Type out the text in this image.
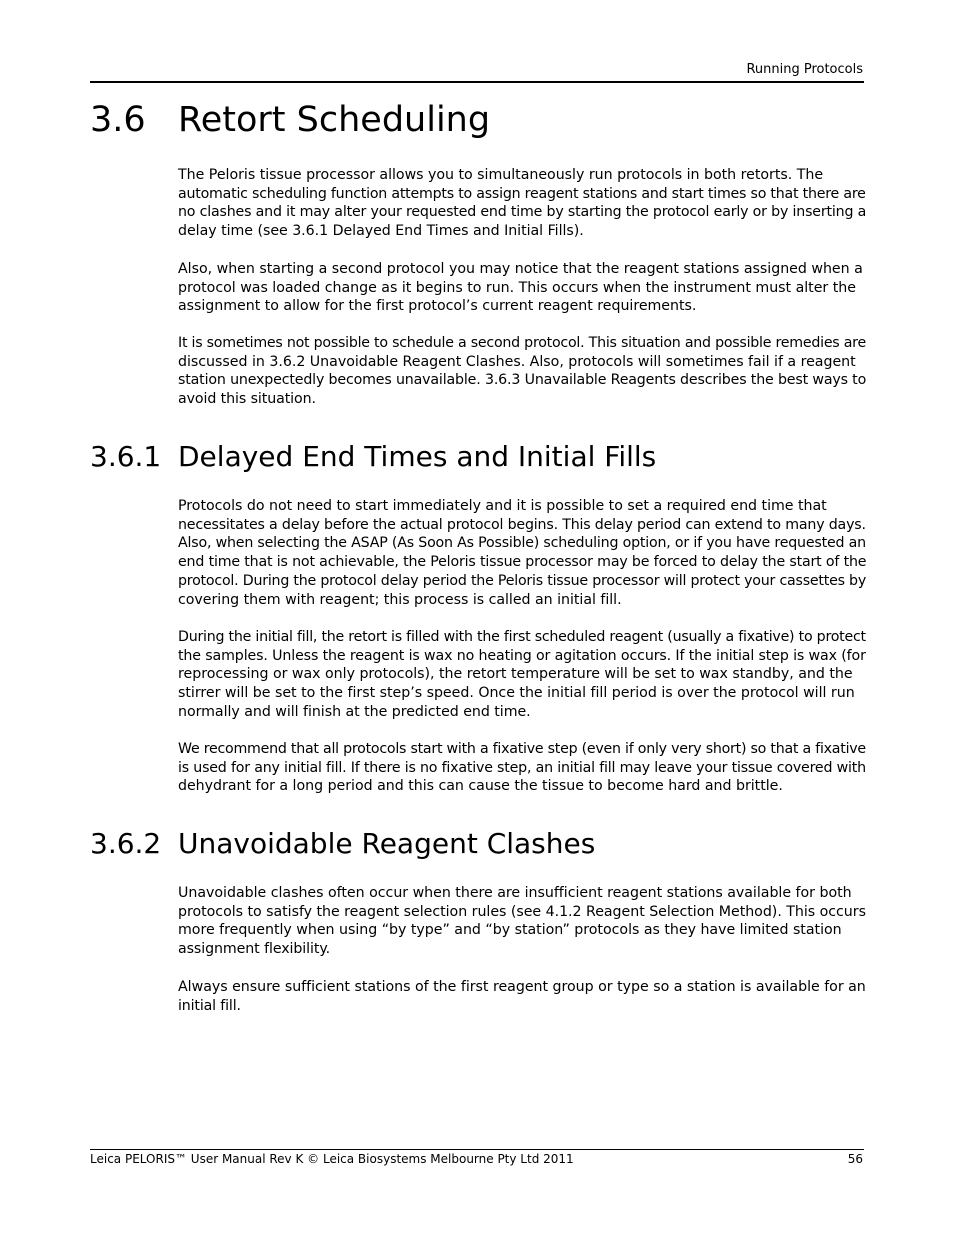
Running Protocols
3.6 Retort Scheduling

The Peloris tissue processor allows you to simultaneously run protocols in both retorts. The
automatic scheduling function attempts to assign reagent stations and start times so that there are
no clashes and it may alter your requested end time by starting the protocol early or by inserting a
delay time (see 3.6.1 Delayed End Times and Initial Fills).

Also, when starting a second protocol you may notice that the reagent stations assigned when a
protocol was loaded change as it begins to run. This occurs when the instrument must alter the
assignment to allow for the first protocol’s current reagent requirements.

It is sometimes not possible to schedule a second protocol. This situation and possible remedies are
discussed in 3.6.2 Unavoidable Reagent Clashes. Also, protocols will sometimes fail if a reagent
station unexpectedly becomes unavailable. 3.6.3 Unavailable Reagents describes the best ways to
avoid this situation.

3.6.1 Delayed End Times and Initial Fills

Protocols do not need to start immediately and it is possible to set a required end time that
necessitates a delay before the actual protocol begins. This delay period can extend to many days.
Also, when selecting the ASAP (As Soon As Possible) scheduling option, or if you have requested an
end time that is not achievable, the Peloris tissue processor may be forced to delay the start of the
protocol. During the protocol delay period the Peloris tissue processor will protect your cassettes by
covering them with reagent; this process is called an initial fill.

During the initial fill, the retort is filled with the first scheduled reagent (usually a fixative) to protect
the samples. Unless the reagent is wax no heating or agitation occurs. If the initial step is wax (for
reprocessing or wax only protocols), the retort temperature will be set to wax standby, and the
stirrer will be set to the first step’s speed. Once the initial fill period is over the protocol will run
normally and will finish at the predicted end time.

We recommend that all protocols start with a fixative step (even if only very short) so that a fixative
is used for any initial fill. If there is no fixative step, an initial fill may leave your tissue covered with
dehydrant for a long period and this can cause the tissue to become hard and brittle.

3.6.2 Unavoidable Reagent Clashes

Unavoidable clashes often occur when there are insufficient reagent stations available for both
protocols to satisfy the reagent selection rules (see 4.1.2 Reagent Selection Method). This occurs
more frequently when using “by type” and “by station” protocols as they have limited station
assignment flexibility.

Always ensure sufficient stations of the first reagent group or type so a station is available for an
initial fill.

Leica PELORIS™ User Manual Rev K © Leica Biosystems Melbourne Pty Ltd 2011	56
